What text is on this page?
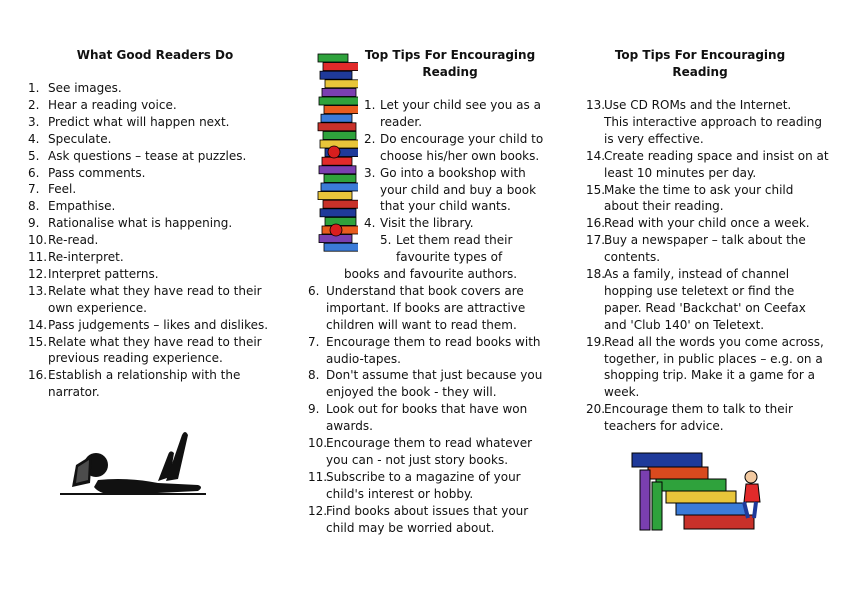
What Good Readers Do
1. See images.
2. Hear a reading voice.
3. Predict what will happen next.
4. Speculate.
5. Ask questions – tease at puzzles.
6. Pass comments.
7. Feel.
8. Empathise.
9. Rationalise what is happening.
10. Re-read.
11. Re-interpret.
12. Interpret patterns.
13. Relate what they have read to their
own experience.
14. Pass judgements – likes and dislikes.
15. Relate what they have read to their
previous reading experience.
16. Establish a relationship with the
narrator.
Top Tips For Encouraging
Reading
1. Let your child see you as a
reader.
2. Do encourage your child to
choose his/her own books.
3. Go into a bookshop with
your child and buy a book
that your child wants.
4. Visit the library.
5. Let them read their
favourite types of
books and favourite authors.
6. Understand that book covers are
important. If books are attractive
children will want to read them.
7. Encourage them to read books with
audio-tapes.
8. Don't assume that just because you
enjoyed the book - they will.
9. Look out for books that have won
awards.
10.
Encourage them to read whatever
you can - not just story books.
11.
Subscribe to a magazine of your
child's interest or hobby.
12.
Find books about issues that your
child may be worried about.
Top Tips For Encouraging
Reading
13.
Use CD ROMs and the Internet.
This interactive approach to reading
is very effective.
14.
Create reading space and insist on at
least 10 minutes per day.
15.
Make the time to ask your child
about their reading.
16.
Read with your child once a week.
17.
Buy a newspaper – talk about the
contents.
18.
As a family, instead of channel
hopping use teletext or find the
paper. Read 'Backchat' on Ceefax
and 'Club 140' on Teletext.
19.
Read all the words you come across,
together, in public places – e.g. on a
shopping trip. Make it a game for a
week.
20.
Encourage them to talk to their
teachers for advice.
